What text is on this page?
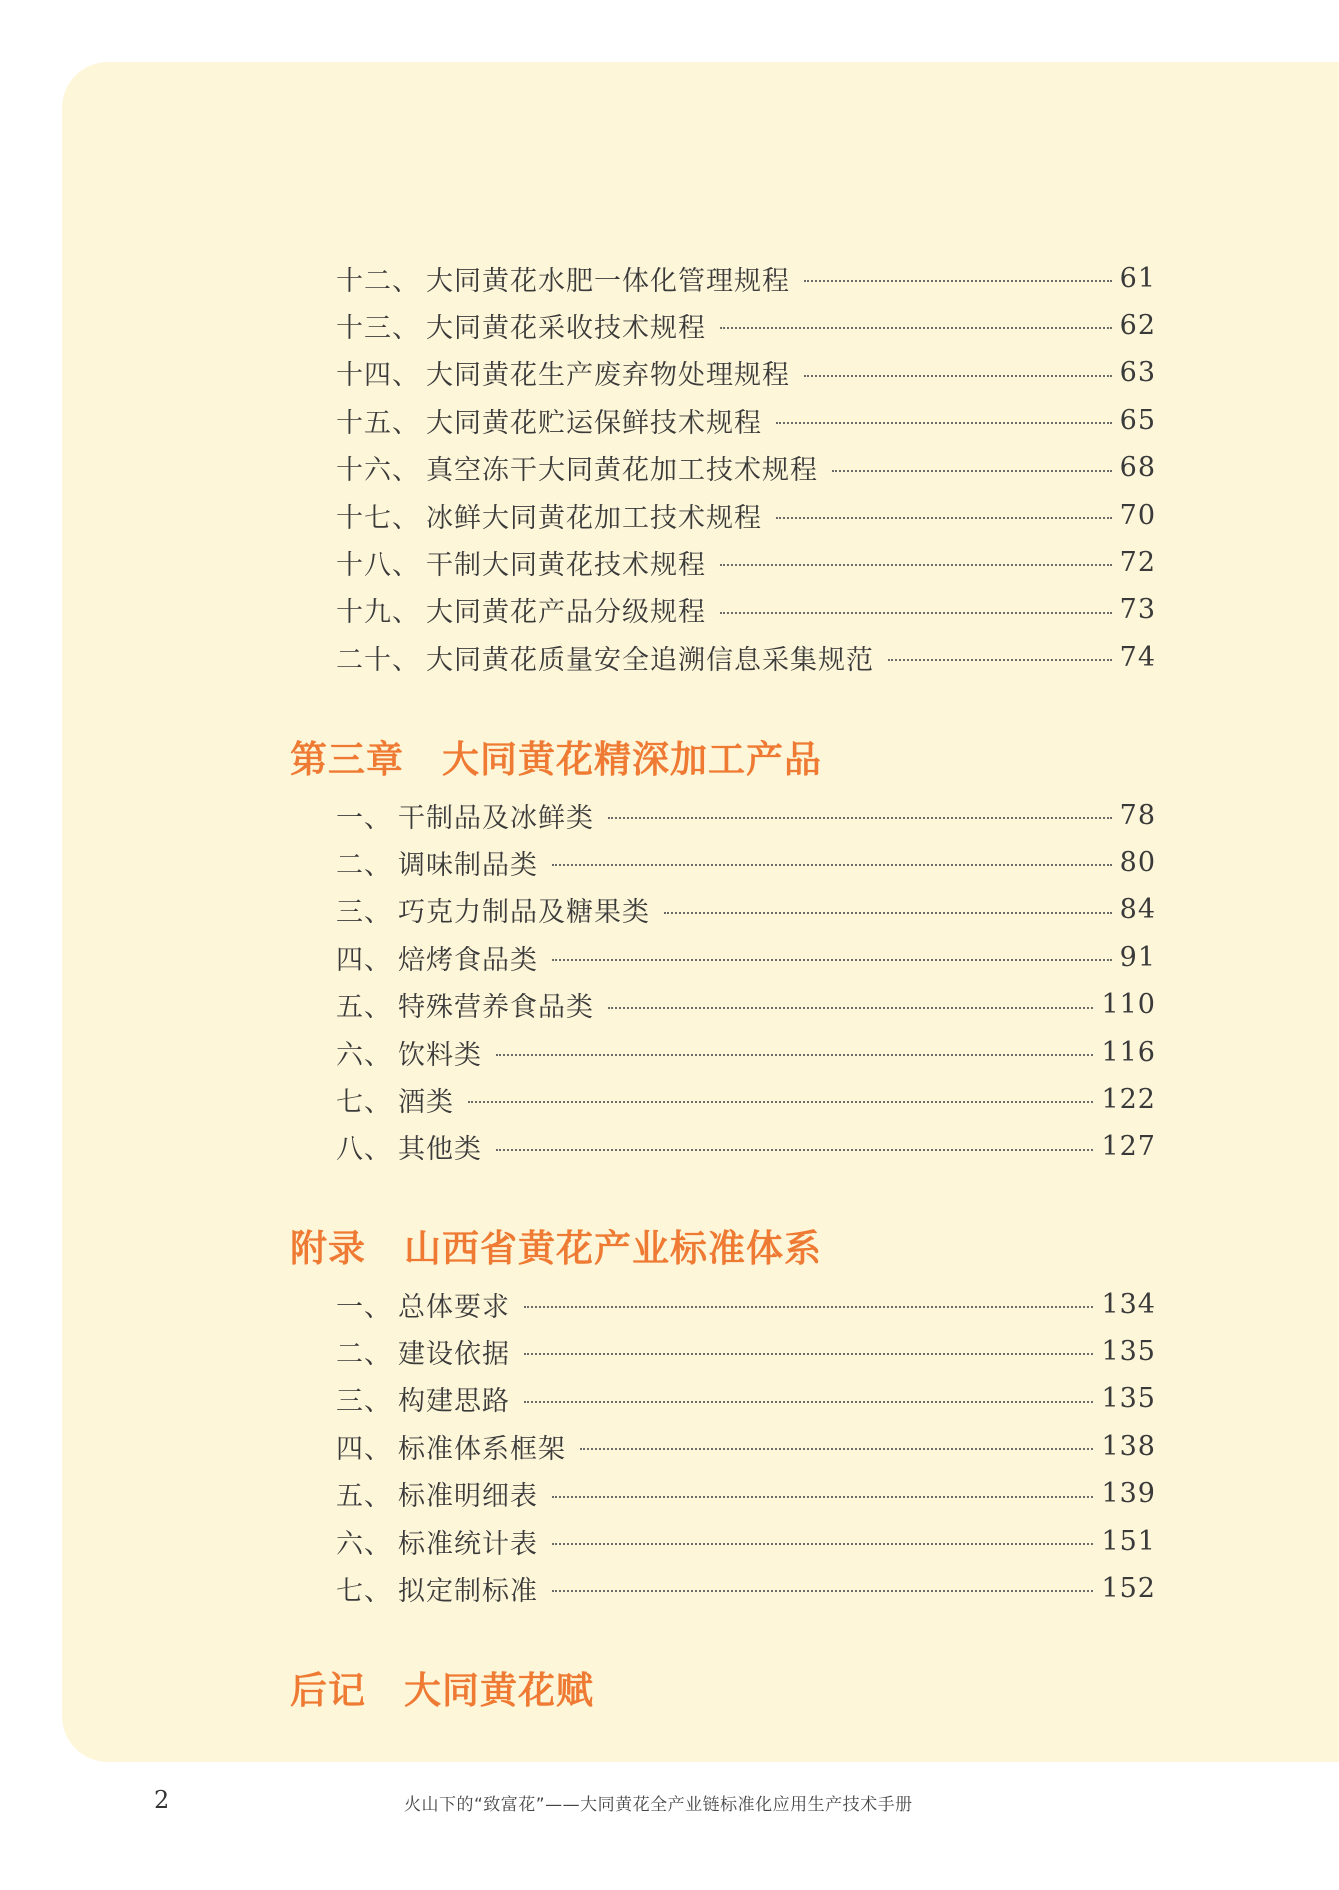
十二 、 大同黄花水肥一体化管理规程	61
十三 、 大同黄花采收技术规程	62
十四 、 大同黄花生产废弃物处理规程	63
十五 、 大同黄花贮运保鲜技术规程	65
十六 、 真空冻干大同黄花加工技术规程	68
十七 、 冰鲜大同黄花加工技术规程	70
十八 、 干制大同黄花技术规程	72
十九 、 大同黄花产品分级规程	73
二十 、 大同黄花质量安全追溯信息采集规范	74
第三章 大同黄花精深加工产品
一 、 干制品及冰鲜类	78
二 、 调味制品类	80
三 、 巧克力制品及糖果类	84
四 、 焙烤食品类	91
五 、 特殊营养食品类	110
六 、 饮料类	116
七 、 酒类	122
八 、 其他类	127
附录 山西省黄花产业标准体系
一 、 总体要求	134
二 、 建设依据	135
三 、 构建思路	135
四 、 标准体系框架	138
五 、 标准明细表	139
六 、 标准统计表	151
七 、 拟定制标准	152
后记 大同黄花赋
2	火山下的“致富花”——大同黄花全产业链标准化应用生产技术手册
